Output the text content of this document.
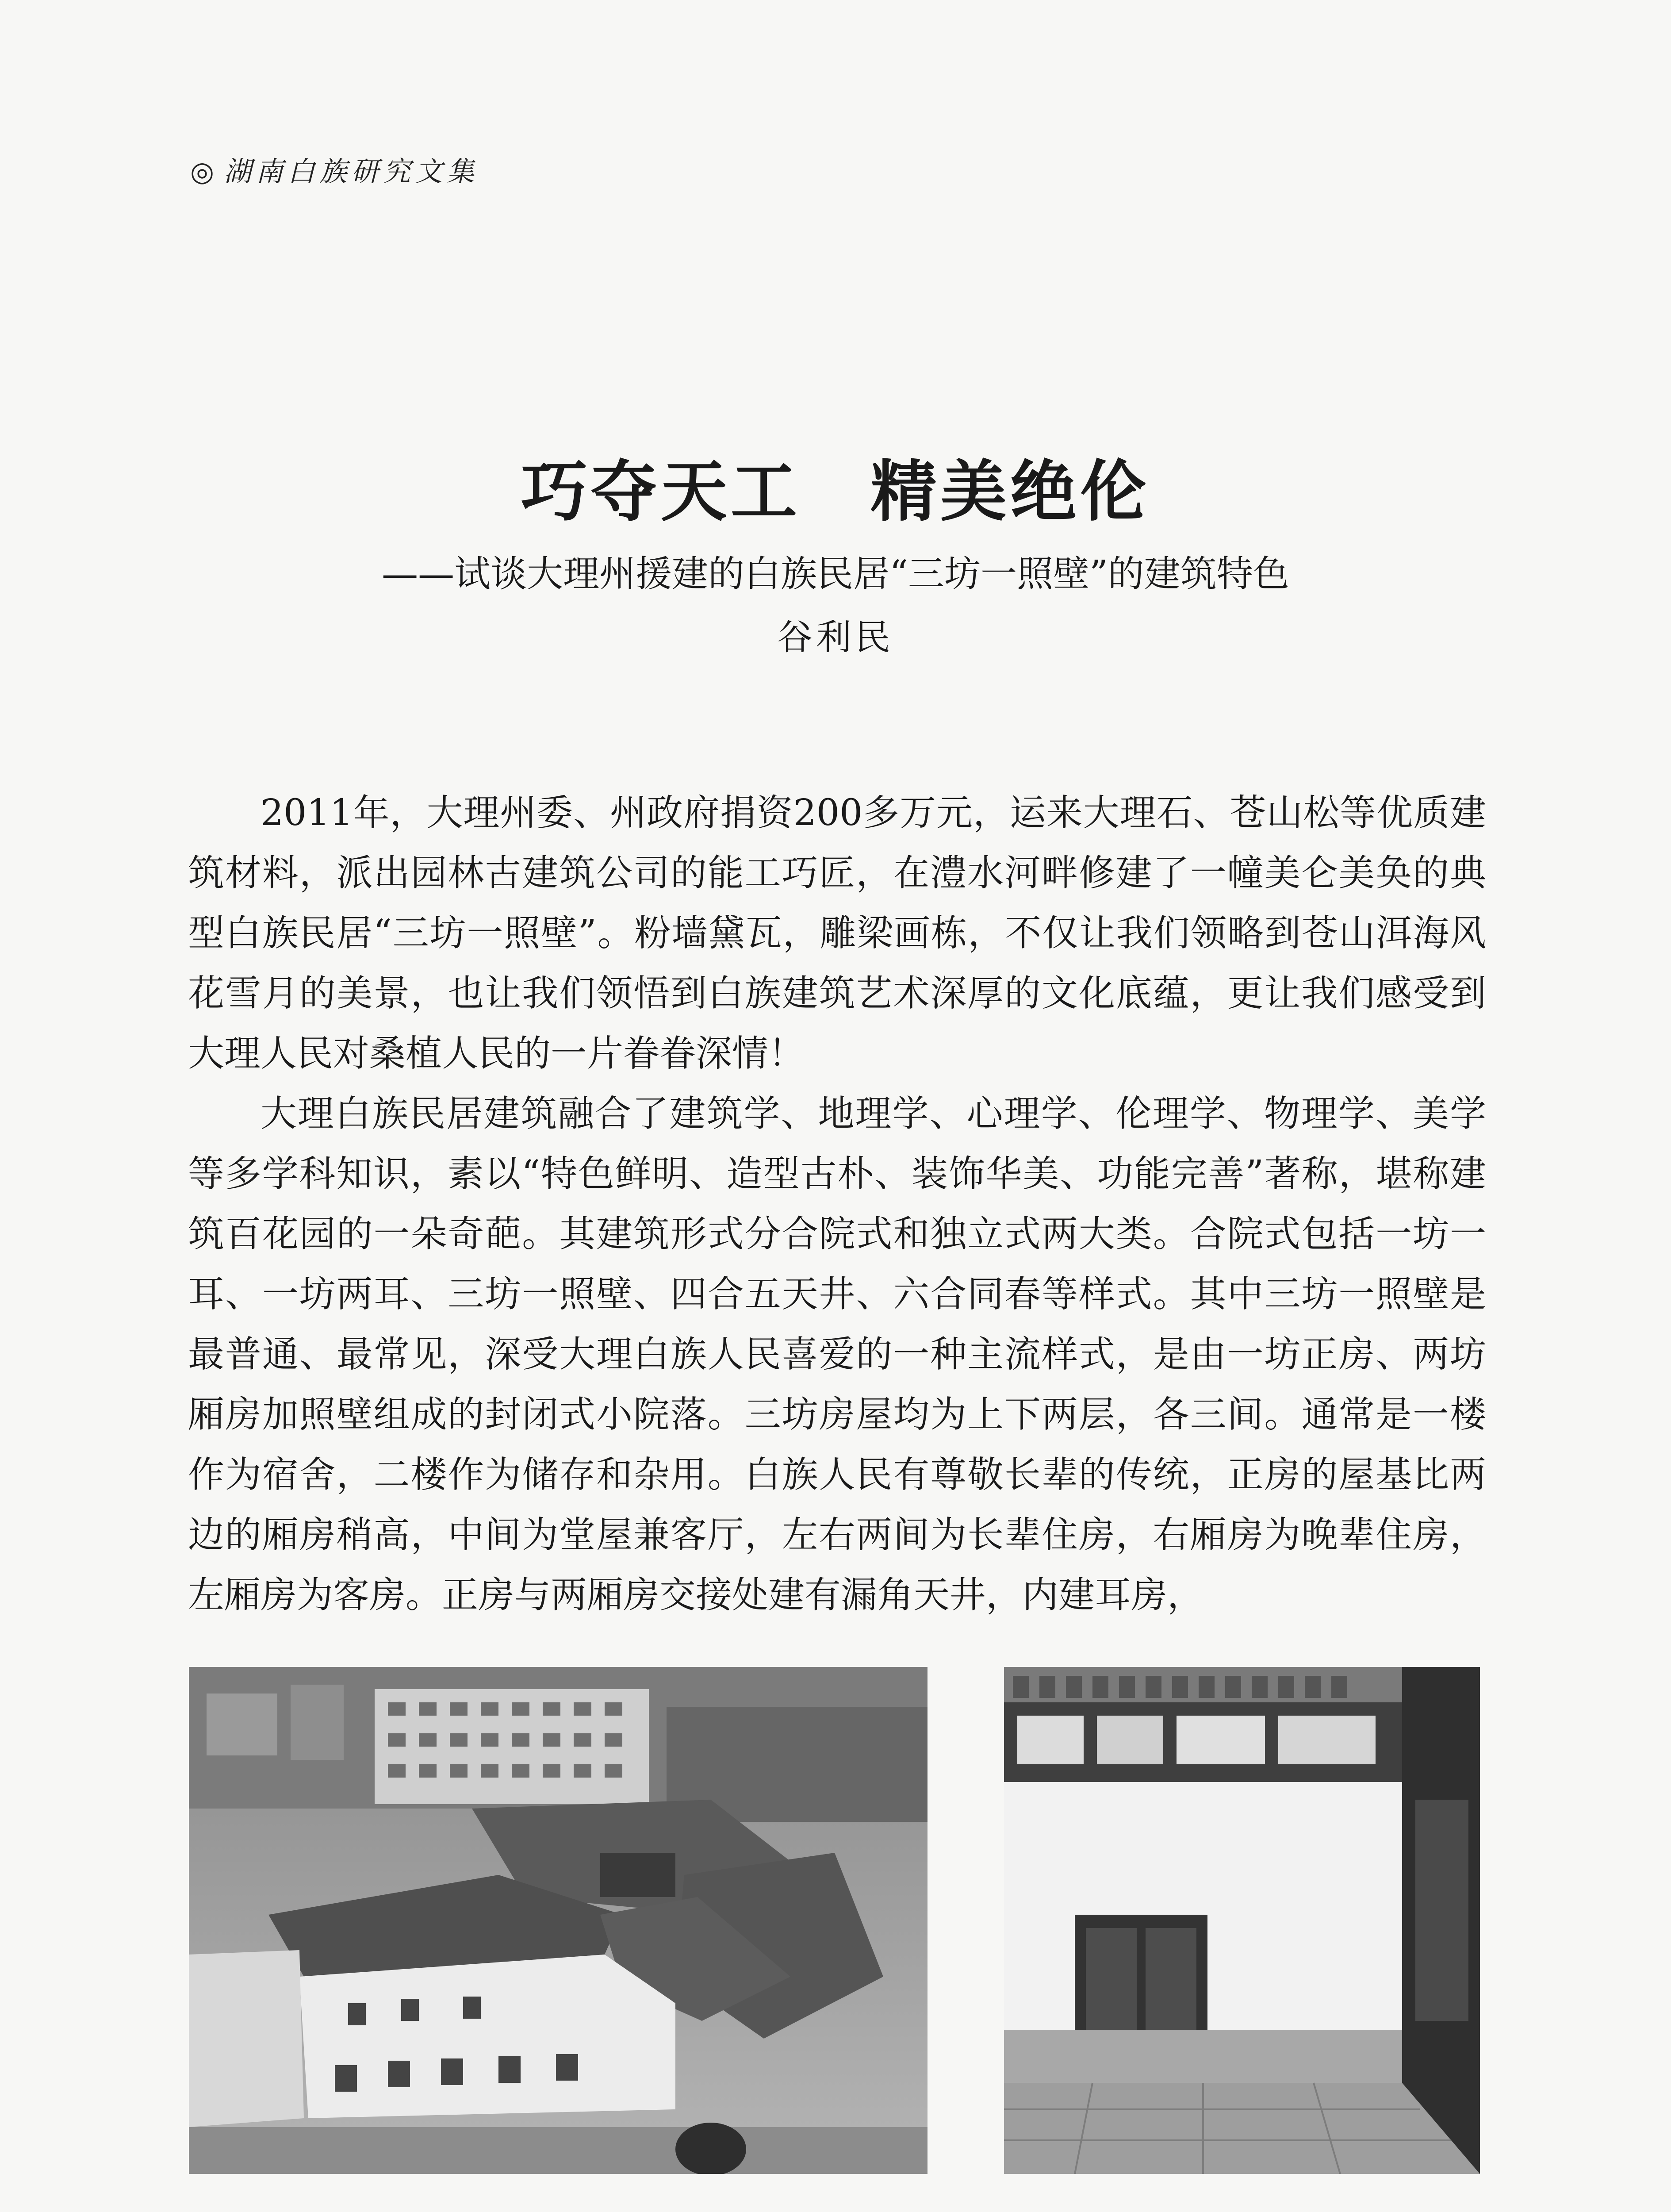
◎ 湖南白族研究文集
巧夺天工　精美绝伦
——试谈大理州援建的白族民居“三坊一照壁”的建筑特色
谷利民

2011年，大理州委、州政府捐资200多万元，运来大理石、苍山松等优质建筑材料，派出园林古建筑公司的能工巧匠，在澧水河畔修建了一幢美仑美奂的典型白族民居“三坊一照壁”。粉墙黛瓦，雕梁画栋，不仅让我们领略到苍山洱海风花雪月的美景，也让我们领悟到白族建筑艺术深厚的文化底蕴，更让我们感受到大理人民对桑植人民的一片眷眷深情！

大理白族民居建筑融合了建筑学、地理学、心理学、伦理学、物理学、美学等多学科知识，素以“特色鲜明、造型古朴、装饰华美、功能完善”著称，堪称建筑百花园的一朵奇葩。其建筑形式分合院式和独立式两大类。合院式包括一坊一耳、一坊两耳、三坊一照壁、四合五天井、六合同春等样式。其中三坊一照壁是最普通、最常见，深受大理白族人民喜爱的一种主流样式，是由一坊正房、两坊厢房加照壁组成的封闭式小院落。三坊房屋均为上下两层，各三间。通常是一楼作为宿舍，二楼作为储存和杂用。白族人民有尊敬长辈的传统，正房的屋基比两边的厢房稍高，中间为堂屋兼客厅，左右两间为长辈住房，右厢房为晚辈住房，左厢房为客房。正房与两厢房交接处建有漏角天井，内建耳房，
